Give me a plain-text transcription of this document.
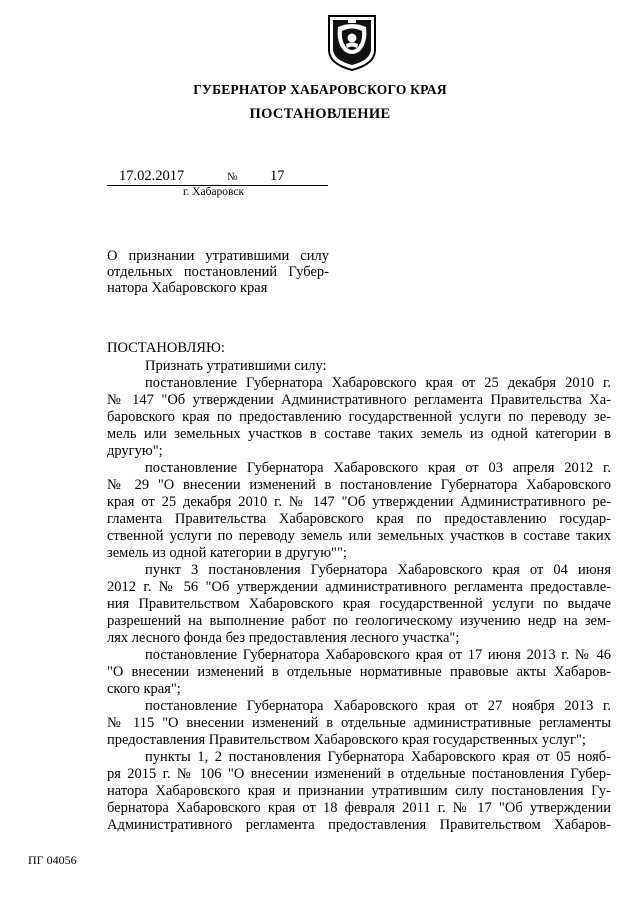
ГУБЕРНАТОР ХАБАРОВСКОГО КРАЯ
ПОСТАНОВЛЕНИЕ
17.02.2017	№ 17
г. Хабаровск
О признании утратившими силу
отдельных постановлений Губер-
натора Хабаровского края
ПОСТАНОВЛЯЮ:
Признать утратившими силу:
постановление Губернатора Хабаровского края от 25 декабря 2010 г.
№ 147 "Об утверждении Административного регламента Правительства Ха-
баровского края по предоставлению государственной услуги по переводу зе-
мель или земельных участков в составе таких земель из одной категории в
другую";
постановление Губернатора Хабаровского края от 03 апреля 2012 г.
№ 29 "О внесении изменений в постановление Губернатора Хабаровского
края от 25 декабря 2010 г. № 147 "Об утверждении Административного ре-
гламента Правительства Хабаровского края по предоставлению государ-
ственной услуги по переводу земель или земельных участков в составе таких
земель из одной категории в другую"";
пункт 3 постановления Губернатора Хабаровского края от 04 июня
2012 г. № 56 "Об утверждении административного регламента предоставле-
ния Правительством Хабаровского края государственной услуги по выдаче
разрешений на выполнение работ по геологическому изучению недр на зем-
лях лесного фонда без предоставления лесного участка";
постановление Губернатора Хабаровского края от 17 июня 2013 г. № 46
"О внесении изменений в отдельные нормативные правовые акты Хабаров-
ского края";
постановление Губернатора Хабаровского края от 27 ноября 2013 г.
№ 115 "О внесении изменений в отдельные административные регламенты
предоставления Правительством Хабаровского края государственных услуг";
пункты 1, 2 постановления Губернатора Хабаровского края от 05 нояб-
ря 2015 г. № 106 "О внесении изменений в отдельные постановления Губер-
натора Хабаровского края и признании утратившим силу постановления Гу-
бернатора Хабаровского края от 18 февраля 2011 г. № 17 "Об утверждении
Административного регламента предоставления Правительством Хабаров-
ПГ 04056
